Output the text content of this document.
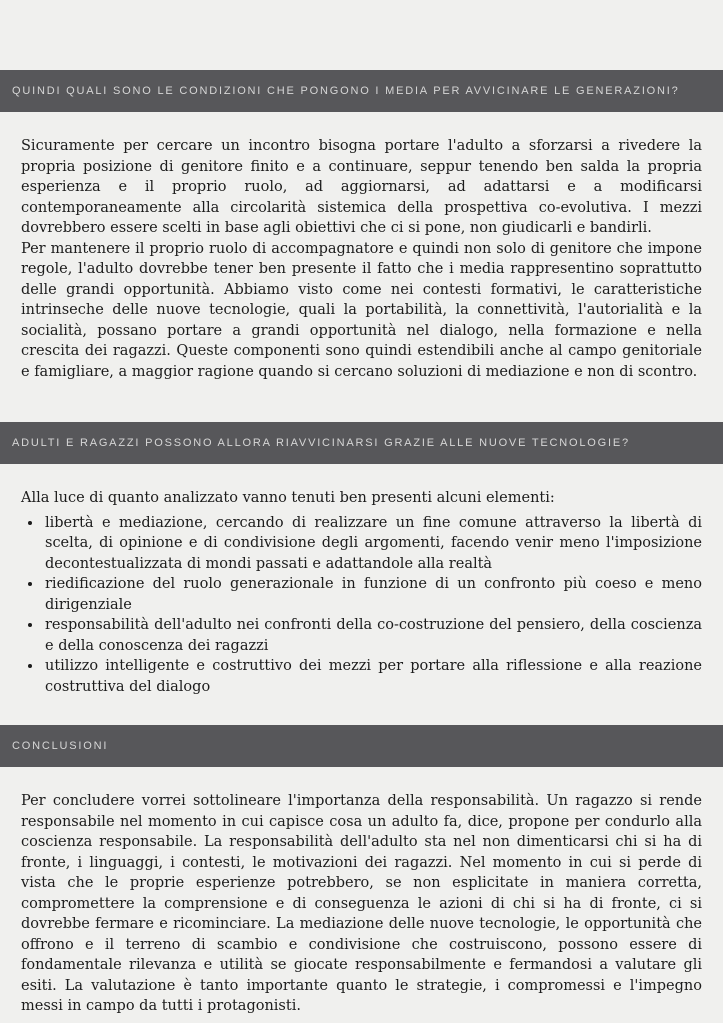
QUINDI QUALI SONO LE CONDIZIONI CHE PONGONO I MEDIA PER AVVICINARE LE GENERAZIONI?

Sicuramente per cercare un incontro bisogna portare l'adulto a sforzarsi a rivedere la propria posizione di genitore finito e a continuare, seppur tenendo ben salda la propria esperienza e il proprio ruolo, ad aggiornarsi, ad adattarsi e a modificarsi contemporaneamente alla circolarità sistemica della prospettiva co-evolutiva. I mezzi dovrebbero essere scelti in base agli obiettivi che ci si pone, non giudicarli e bandirli.

Per mantenere il proprio ruolo di accompagnatore e quindi non solo di genitore che impone regole, l'adulto dovrebbe tener ben presente il fatto che i media rappresentino soprattutto delle grandi opportunità. Abbiamo visto come nei contesti formativi, le caratteristiche intrinseche delle nuove tecnologie, quali la portabilità, la connettività, l'autorialità e la socialità, possano portare a grandi opportunità nel dialogo, nella formazione e nella crescita dei ragazzi. Queste componenti sono quindi estendibili anche al campo genitoriale e famigliare, a maggior ragione quando si cercano soluzioni di mediazione e non di scontro.

ADULTI E RAGAZZI POSSONO ALLORA RIAVVICINARSI GRAZIE ALLE NUOVE TECNOLOGIE?

Alla luce di quanto analizzato vanno tenuti ben presenti alcuni elementi:

• libertà e mediazione, cercando di realizzare un fine comune attraverso la libertà di scelta, di opinione e di condivisione degli argomenti, facendo venir meno l'imposizione decontestualizzata di mondi passati e adattandole alla realtà
• riedificazione del ruolo generazionale in funzione di un confronto più coeso e meno dirigenziale
• responsabilità dell'adulto nei confronti della co-costruzione del pensiero, della coscienza e della conoscenza dei ragazzi
• utilizzo intelligente e costruttivo dei mezzi per portare alla riflessione e alla reazione costruttiva del dialogo
CONCLUSIONI

Per concludere vorrei sottolineare l'importanza della responsabilità. Un ragazzo si rende responsabile nel momento in cui capisce cosa un adulto fa, dice, propone per condurlo alla coscienza responsabile. La responsabilità dell'adulto sta nel non dimenticarsi chi si ha di fronte, i linguaggi, i contesti, le motivazioni dei ragazzi. Nel momento in cui si perde di vista che le proprie esperienze potrebbero, se non esplicitate in maniera corretta, compromettere la comprensione e di conseguenza le azioni di chi si ha di fronte, ci si dovrebbe fermare e ricominciare. La mediazione delle nuove tecnologie, le opportunità che offrono e il terreno di scambio e condivisione che costruiscono, possono essere di fondamentale rilevanza e utilità se giocate responsabilmente e fermandosi a valutare gli esiti. La valutazione è tanto importante quanto le strategie, i compromessi e l'impegno messi in campo da tutti i protagonisti.
